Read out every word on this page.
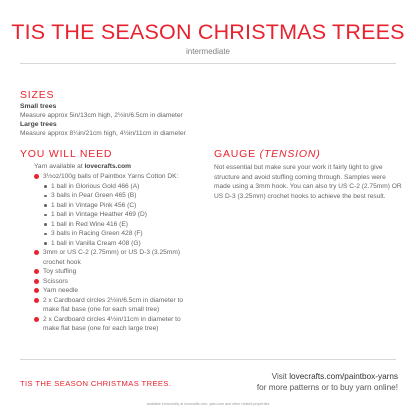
TIS THE SEASON CHRISTMAS TREES
intermediate
SIZES
Small trees
Measure approx 5in/13cm high, 2½in/6.5cm in diameter
Large trees
Measure approx 8¼in/21cm high, 4½in/11cm in diameter
YOU WILL NEED
Yarn available at lovecrafts.com
3½oz/100g balls of Paintbox Yarns Cotton DK:
1 ball in Glorious Gold 466 (A)
3 balls in Pear Green 465 (B)
1 ball in Vintage Pink 456 (C)
1 ball in Vintage Heather 469 (D)
1 ball in Red Wine 416 (E)
3 balls in Racing Green 428 (F)
1 ball in Vanilla Cream 408 (G)
3mm or US C-2 (2.75mm) or US D-3 (3.25mm)
crochet hook
Toy stuffing
Scissors
Yarn needle
2 x Cardboard circles 2½in/6.5cm in diameter to
make flat base (one for each small tree)
2 x Cardboard circles 4½in/11cm in diameter to
make flat base (one for each large tree)
GAUGE (TENSION)
Not essential but make sure your work it fairly tight to give structure and avoid stuffing coming through. Samples were made using a 3mm hook. You can also try US C-2 (2.75mm) OR US D-3 (3.25mm) crochet hooks to achieve the best result.
TIS THE SEASON CHRISTMAS TREES.
Visit lovecrafts.com/paintbox-yarns
for more patterns or to buy yarn online!
available exclusively at lovecrafts.com, yarn.com and other related properties
